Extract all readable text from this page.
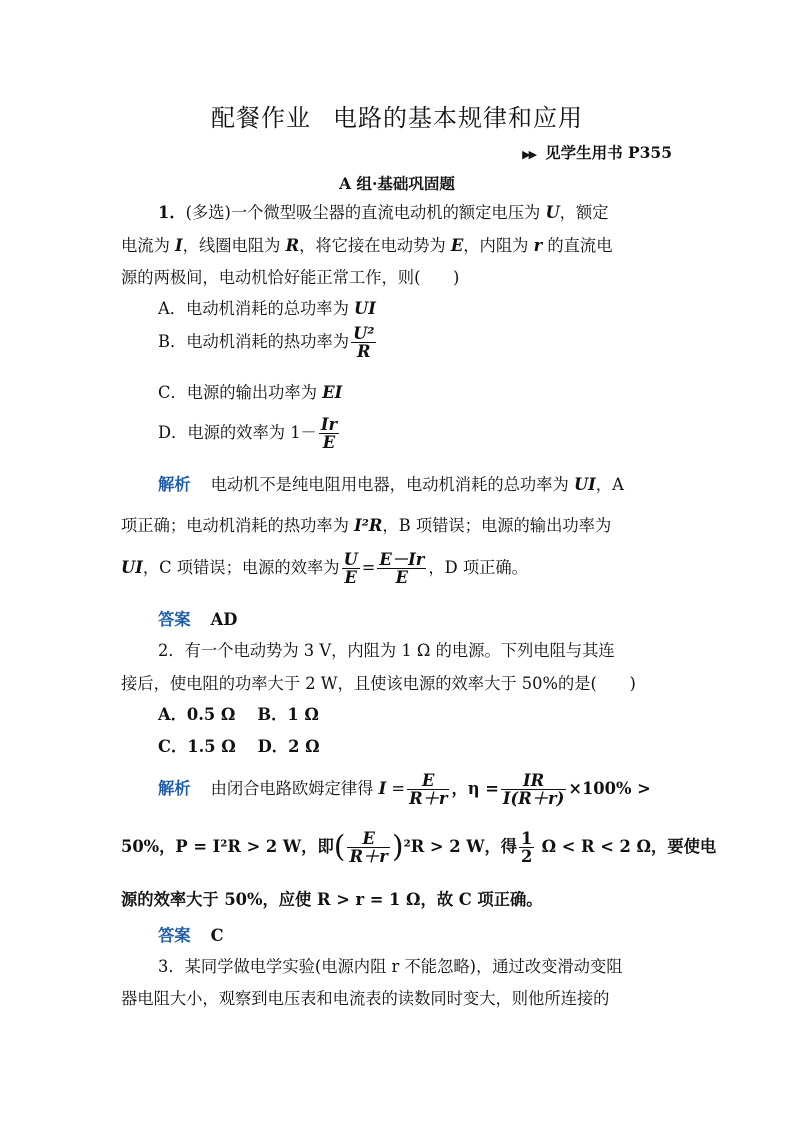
配餐作业 电路的基本规律和应用
▶▶ 见学生用书 P355
A 组·基础巩固题
1．(多选)一个微型吸尘器的直流电动机的额定电压为 U，额定
电流为 I，线圈电阻为 R，将它接在电动势为 E，内阻为 r 的直流电
源的两极间，电动机恰好能正常工作，则(　　)
A．电动机消耗的总功率为 UI
B．电动机消耗的热功率为 $\frac{\text{U²}}{R}$
C．电源的输出功率为 EI
D．电源的效率为 $1- \frac{Ir}{E}$
解析 电动机不是纯电阻用电器，电动机消耗的总功率为 UI，A
项正确；电动机消耗的热功率为 I²R，B 项错误；电源的输出功率为
UI，C 项错误；电源的效率为 $\frac{U}{E} = \frac{E-Ir}{E}$ ，D 项正确。
答案 AD
2．有一个电动势为 3 V，内阻为 1 Ω 的电源。下列电阻与其连
接后，使电阻的功率大于 2 W，且使该电源的效率大于 50%的是(　　)
A．0.5 Ω　 B．1 Ω
C．1.5 Ω　 D．2 Ω
解析 由闭合电路欧姆定律得 $I = \frac{E}{R+r}$ ，$\eta = \frac{IR}{I(R+r)} \times 100\%$ >
50%，P = I²R > 2 W，即( $\frac{E}{R+r} )^2R > 2$ W，得 $\frac{1}{2}$ Ω < R < 2 Ω，要使电
源的效率大于 50%，应使 R > r = 1 Ω，故 C 项正确。
答案 C
3．某同学做电学实验(电源内阻 r 不能忽略)，通过改变滑动变阻
器电阻大小，观察到电压表和电流表的读数同时变大，则他所连接的
